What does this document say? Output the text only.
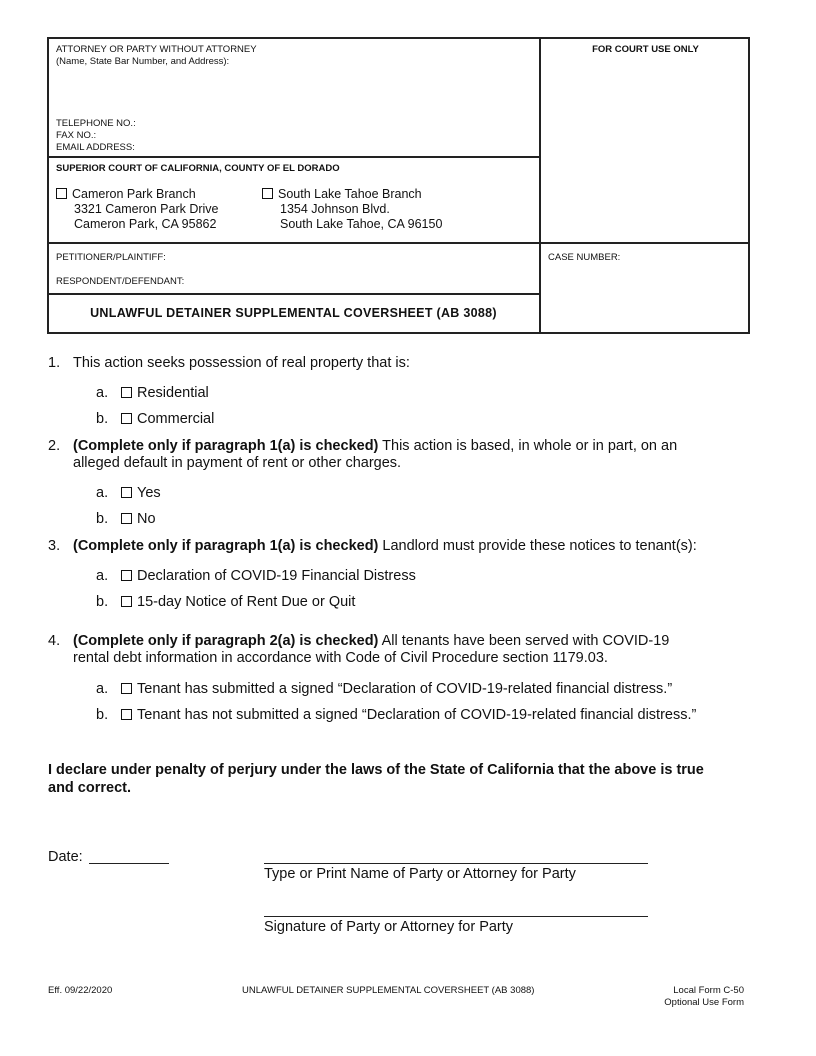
ATTORNEY OR PARTY WITHOUT ATTORNEY
(Name, State Bar Number, and Address):
TELEPHONE NO.:
FAX NO.:
EMAIL ADDRESS:
FOR COURT USE ONLY
SUPERIOR COURT OF CALIFORNIA, COUNTY OF EL DORADO
Cameron Park Branch
3321 Cameron Park Drive
Cameron Park, CA 95862
South Lake Tahoe Branch
1354 Johnson Blvd.
South Lake Tahoe, CA 96150
PETITIONER/PLAINTIFF:
RESPONDENT/DEFENDANT:
CASE NUMBER:
UNLAWFUL DETAINER SUPPLEMENTAL COVERSHEET (AB 3088)
1. This action seeks possession of real property that is:
a. Residential
b. Commercial
2. (Complete only if paragraph 1(a) is checked) This action is based, in whole or in part, on an
alleged default in payment of rent or other charges.
a. Yes
b. No
3. (Complete only if paragraph 1(a) is checked) Landlord must provide these notices to tenant(s):
a. Declaration of COVID-19 Financial Distress
b. 15-day Notice of Rent Due or Quit
4. (Complete only if paragraph 2(a) is checked) All tenants have been served with COVID-19
rental debt information in accordance with Code of Civil Procedure section 1179.03.
a. Tenant has submitted a signed “Declaration of COVID-19-related financial distress.”
b. Tenant has not submitted a signed “Declaration of COVID-19-related financial distress.”
I declare under penalty of perjury under the laws of the State of California that the above is true
and correct.
Date:
Type or Print Name of Party or Attorney for Party
Signature of Party or Attorney for Party
Eff. 09/22/2020	UNLAWFUL DETAINER SUPPLEMENTAL COVERSHEET (AB 3088)	Local Form C-50
Optional Use Form
